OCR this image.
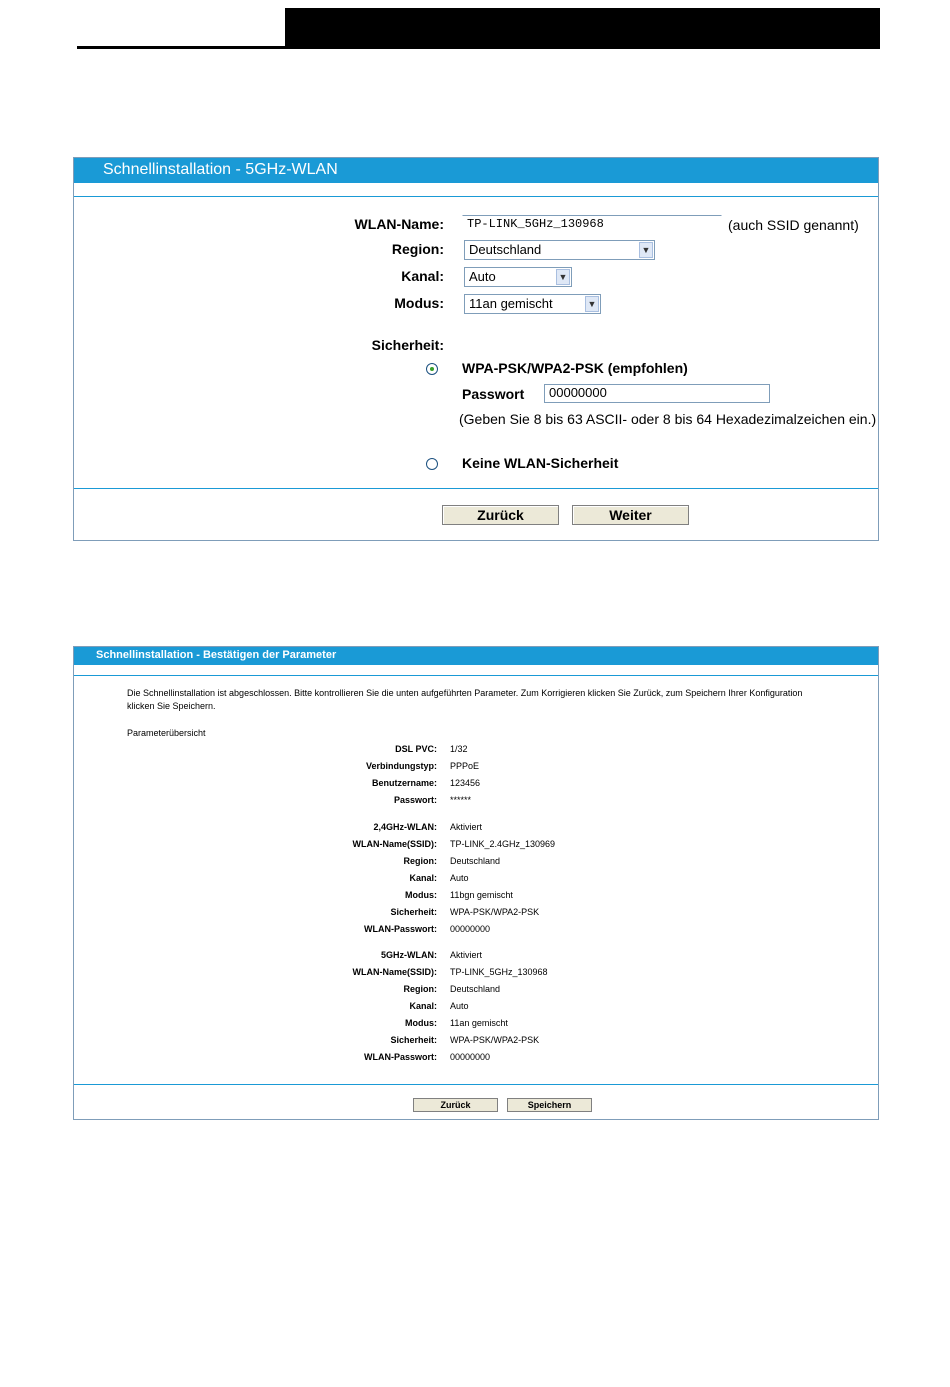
Schnellinstallation - 5GHz-WLAN
WLAN-Name:	TP-LINK_5GHz_130968	(auch SSID genannt)
Region:	Deutschland	▼
Kanal:	Auto	▼
Modus:	11an gemischt	▼
Sicherheit:
WPA-PSK/WPA2-PSK (empfohlen)
Passwort	00000000
(Geben Sie 8 bis 63 ASCII- oder 8 bis 64 Hexadezimalzeichen ein.)
Keine WLAN-Sicherheit
Zurück	Weiter
Schnellinstallation - Bestätigen der Parameter
Die Schnellinstallation ist abgeschlossen. Bitte kontrollieren Sie die unten aufgeführten Parameter. Zum Korrigieren klicken Sie Zurück, zum Speichern Ihrer Konfiguration
klicken Sie Speichern.
Parameterübersicht
DSL PVC: 1/32
Verbindungstyp: PPPoE
Benutzername: 123456
Passwort: ******
2,4GHz-WLAN: Aktiviert
WLAN-Name(SSID): TP-LINK_2.4GHz_130969
Region: Deutschland
Kanal: Auto
Modus: 11bgn gemischt
Sicherheit: WPA-PSK/WPA2-PSK
WLAN-Passwort: 00000000
5GHz-WLAN: Aktiviert
WLAN-Name(SSID): TP-LINK_5GHz_130968
Region: Deutschland
Kanal: Auto
Modus: 11an gemischt
Sicherheit: WPA-PSK/WPA2-PSK
WLAN-Passwort: 00000000
Zurück	Speichern
